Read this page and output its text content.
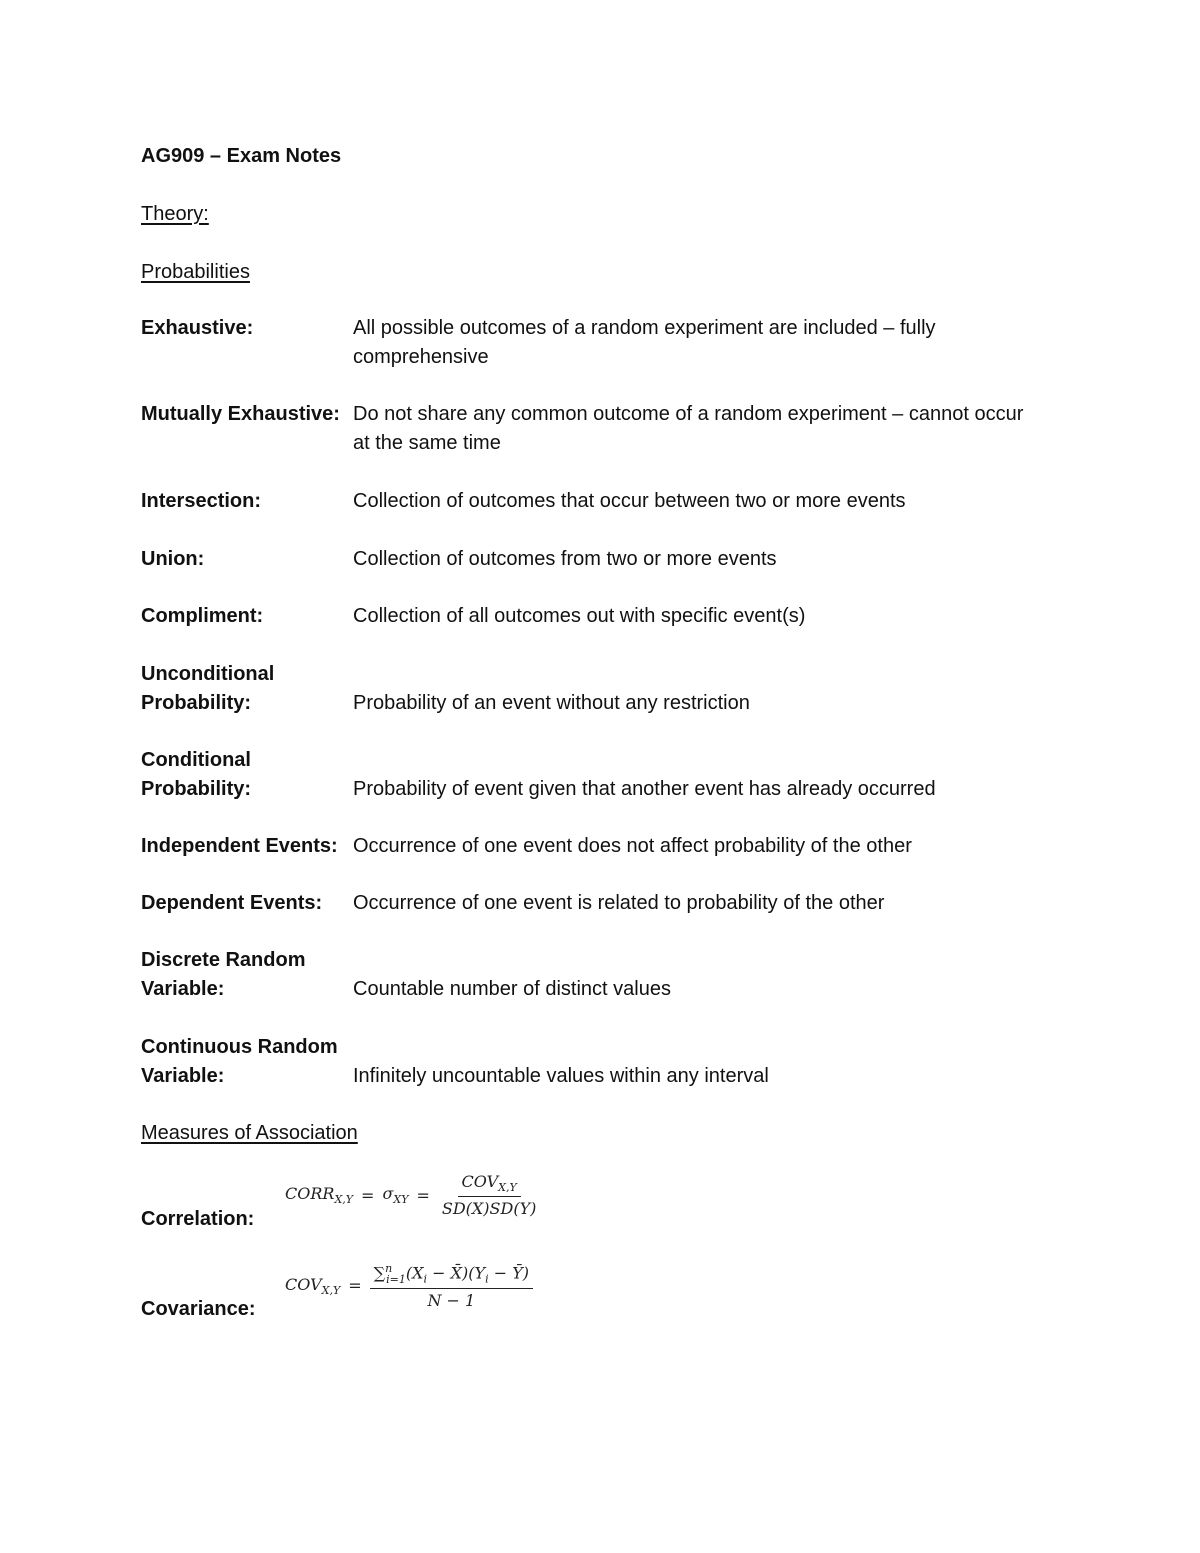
AG909 – Exam Notes
Theory:
Probabilities
Exhaustive:	All possible outcomes of a random experiment are included – fully comprehensive
Mutually Exhaustive: Do not share any common outcome of a random experiment – cannot occur at the same time
Intersection:	Collection of outcomes that occur between two or more events
Union:	Collection of outcomes from two or more events
Compliment:	Collection of all outcomes out with specific event(s)
Unconditional
Probability:	Probability of an event without any restriction
Conditional
Probability:	Probability of event given that another event has already occurred
Independent Events: Occurrence of one event does not affect probability of the other
Dependent Events:	Occurrence of one event is related to probability of the other
Discrete Random
Variable:	Countable number of distinct values
Continuous Random
Variable:	Infinitely uncountable values within any interval
Measures of Association
Correlation:
$CORR_{X,Y} = \sigma_{XY} = \frac{COV_{X,Y}}{SD(X)SD(Y)}$
Covariance:
$COV_{X,Y} = \frac{\sum^n_{i=1}(X_i - X̄)(Y_i - Ȳ)}{N - 1}$
